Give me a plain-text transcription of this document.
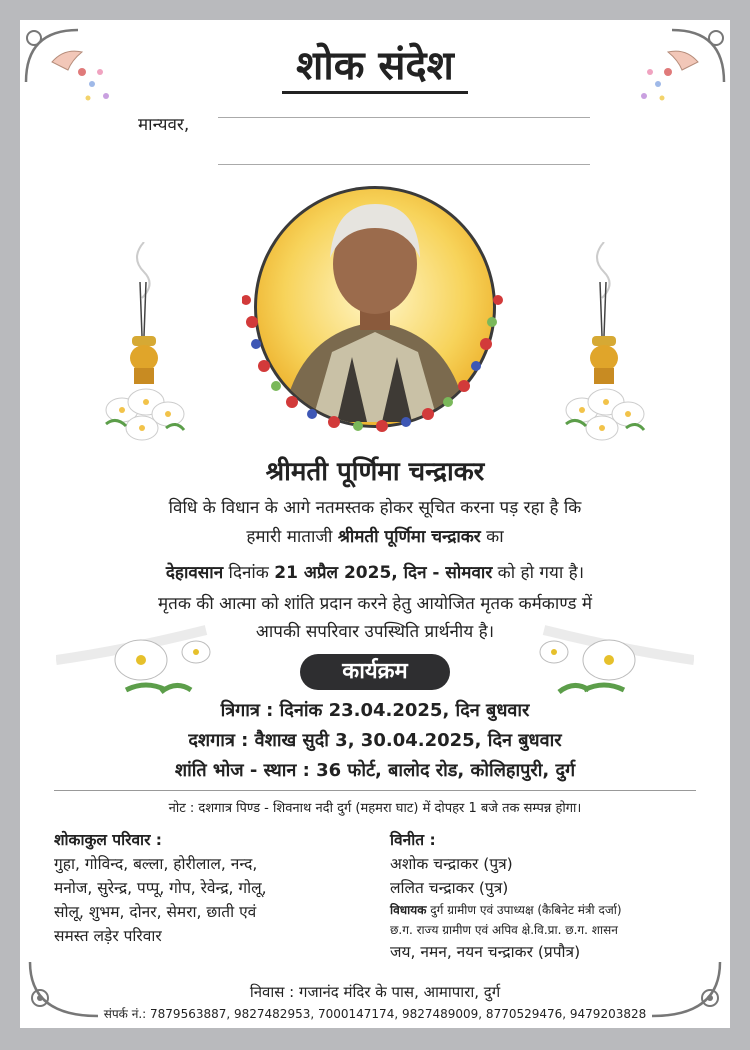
शोक संदेश
मान्यवर,
श्रीमती पूर्णिमा चन्द्राकर
विधि के विधान के आगे नतमस्तक होकर सूचित करना पड़ रहा है कि
हमारी माताजी श्रीमती पूर्णिमा चन्द्राकर का
देहावसान दिनांक 21 अप्रैल 2025, दिन - सोमवार को हो गया है।
मृतक की आत्मा को शांति प्रदान करने हेतु आयोजित मृतक कर्मकाण्ड में
आपकी सपरिवार उपस्थिति प्रार्थनीय है।
कार्यक्रम
त्रिगात्र : दिनांक 23.04.2025, दिन बुधवार
दशगात्र : वैशाख सुदी 3, 30.04.2025, दिन बुधवार
शांति भोज - स्थान : 36 फोर्ट, बालोद रोड, कोलिहापुरी, दुर्ग
नोट : दशगात्र पिण्ड - शिवनाथ नदी दुर्ग (महमरा घाट) में दोपहर 1 बजे तक सम्पन्न होगा।
शोकाकुल परिवार :
गुहा, गोविन्द, बल्ला, होरीलाल, नन्द,
मनोज, सुरेन्द्र, पप्पू, गोप, रेवेन्द्र, गोलू,
सोलू, शुभम, दोनर, सेमरा, छाती एवं
समस्त लड़ेर परिवार
विनीत :
अशोक चन्द्राकर (पुत्र)
ललित चन्द्राकर (पुत्र)
विधायक दुर्ग ग्रामीण एवं उपाध्यक्ष (कैबिनेट मंत्री दर्जा)
छ.ग. राज्य ग्रामीण एवं अपिव क्षे.वि.प्रा. छ.ग. शासन
जय, नमन, नयन चन्द्राकर (प्रपौत्र)
निवास : गजानंद मंदिर के पास, आमापारा, दुर्ग
संपर्क नं.: 7879563887, 9827482953, 7000147174, 9827489009, 8770529476, 9479203828
